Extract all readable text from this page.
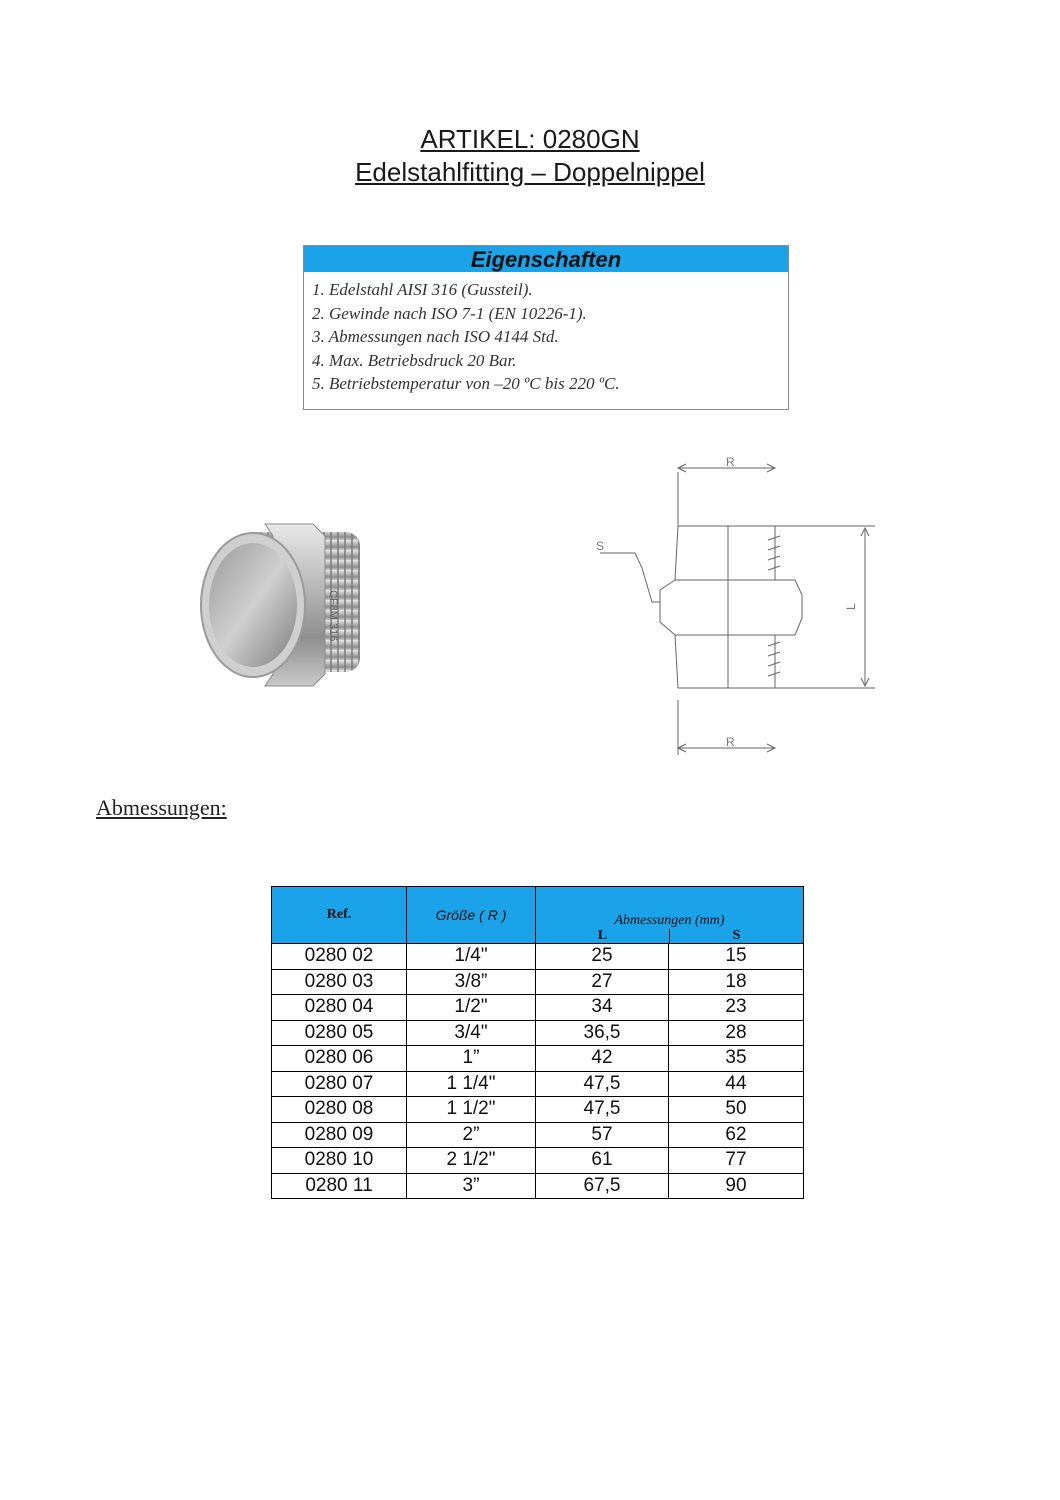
ARTIKEL: 0280GN
Edelstahlfitting – Doppelnippel
Eigenschaften
1. Edelstahl AISI 316 (Gussteil).
2. Gewinde nach ISO 7-1 (EN 10226-1).
3. Abmessungen nach ISO 4144 Std.
4. Max. Betriebsdruck 20 Bar.
5. Betriebstemperatur von –20 ºC bis 220 ºC.
CF8M 316
R
R
S
L
Abmessungen:
Ref.	Größe ( R )	Abmessungen (mm)
L S	

0280 02	1/4"	25	15
0280 03	3/8”	27	18
0280 04	1/2"	34	23
0280 05	3/4"	36,5	28
0280 06	1”	42	35
0280 07	1 1/4"	47,5	44
0280 08	1 1/2"	47,5	50
0280 09	2”	57	62
0280 10	2 1/2"	61	77
0280 11	3”	67,5	90
